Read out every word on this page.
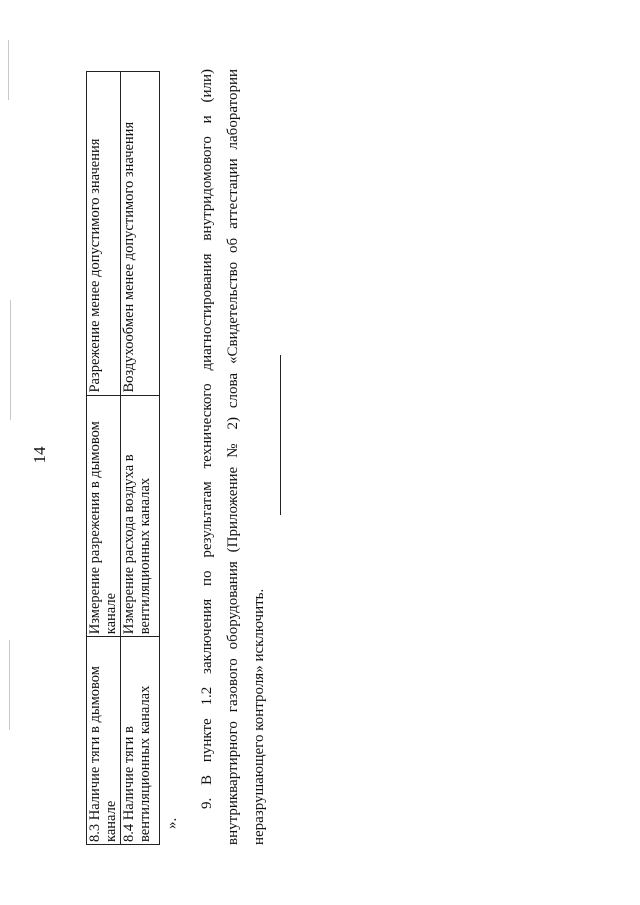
14
8.3 Наличие тяги в дымовом канале	Измерение разрежения в дымовом канале	Разрежение менее допустимого значения
8.4 Наличие тяги в вентиляционных каналах	Измерение расхода воздуха в вентиляционных каналах	Воздухообмен менее допустимого значения
».

9. В пункте 1.2 заключения по результатам технического диагностирования внутридомового и (или) внутриквартирного газового оборудования (Приложение № 2) слова «Свидетельство об аттестации лаборатории неразрушающего контроля» исключить.
